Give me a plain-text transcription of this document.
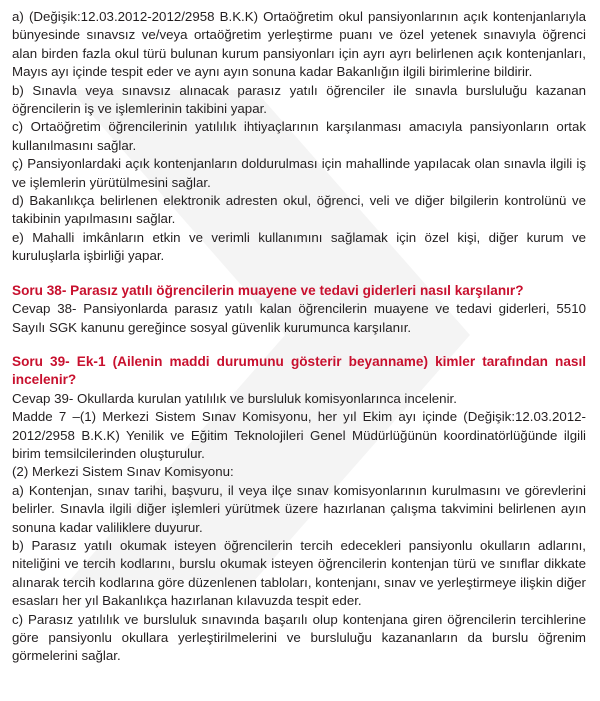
a) (Değişik:12.03.2012-2012/2958 B.K.K) Ortaöğretim okul pansiyonlarının açık kontenjanlarıyla bünyesinde sınavsız ve/veya ortaöğretim yerleştirme puanı ve özel yetenek sınavıyla öğrenci alan birden fazla okul türü bulunan kurum pansiyonları için ayrı ayrı belirlenen açık kontenjanları, Mayıs ayı içinde tespit eder ve aynı ayın sonuna kadar Bakanlığın ilgili birimlerine bildirir.

b) Sınavla veya sınavsız alınacak parasız yatılı öğrenciler ile sınavla bursluluğu kazanan öğrencilerin iş ve işlemlerinin takibini yapar.

c) Ortaöğretim öğrencilerinin yatılılık ihtiyaçlarının karşılanması amacıyla pansiyonların ortak kullanılmasını sağlar.

ç) Pansiyonlardaki açık kontenjanların doldurulması için mahallinde yapılacak olan sınavla ilgili iş ve işlemlerin yürütülmesini sağlar.

d) Bakanlıkça belirlenen elektronik adresten okul, öğrenci, veli ve diğer bilgilerin kontrolünü ve takibinin yapılmasını sağlar.

e) Mahalli imkânların etkin ve verimli kullanımını sağlamak için özel kişi, diğer kurum ve kuruluşlarla işbirliği yapar.

Soru 38- Parasız yatılı öğrencilerin muayene ve tedavi giderleri nasıl karşılanır?

Cevap 38- Pansiyonlarda parasız yatılı kalan öğrencilerin muayene ve tedavi giderleri, 5510 Sayılı SGK kanunu gereğince sosyal güvenlik kurumunca karşılanır.

Soru 39- Ek-1 (Ailenin maddi durumunu gösterir beyanname) kimler tarafından nasıl incelenir?

Cevap 39- Okullarda kurulan yatılılık ve bursluluk komisyonlarınca incelenir.

Madde 7 –(1) Merkezi Sistem Sınav Komisyonu, her yıl Ekim ayı içinde (Değişik:12.03.2012-2012/2958 B.K.K) Yenilik ve Eğitim Teknolojileri Genel Müdürlüğünün koordinatörlüğünde ilgili birim temsilcilerinden oluşturulur.

(2) Merkezi Sistem Sınav Komisyonu:

a) Kontenjan, sınav tarihi, başvuru, il veya ilçe sınav komisyonlarının kurulmasını ve görevlerini belirler. Sınavla ilgili diğer işlemleri yürütmek üzere hazırlanan çalışma takvimini belirlenen ayın sonuna kadar valiliklere duyurur.

b) Parasız yatılı okumak isteyen öğrencilerin tercih edecekleri pansiyonlu okulların adlarını, niteliğini ve tercih kodlarını, burslu okumak isteyen öğrencilerin kontenjan türü ve sınıflar dikkate alınarak tercih kodlarına göre düzenlenen tabloları, kontenjanı, sınav ve yerleştirmeye ilişkin diğer esasları her yıl Bakanlıkça hazırlanan kılavuzda tespit eder.

c) Parasız yatılılık ve bursluluk sınavında başarılı olup kontenjana giren öğrencilerin tercihlerine göre pansiyonlu okullara yerleştirilmelerini ve bursluluğu kazananların da burslu öğrenim görmelerini sağlar.
